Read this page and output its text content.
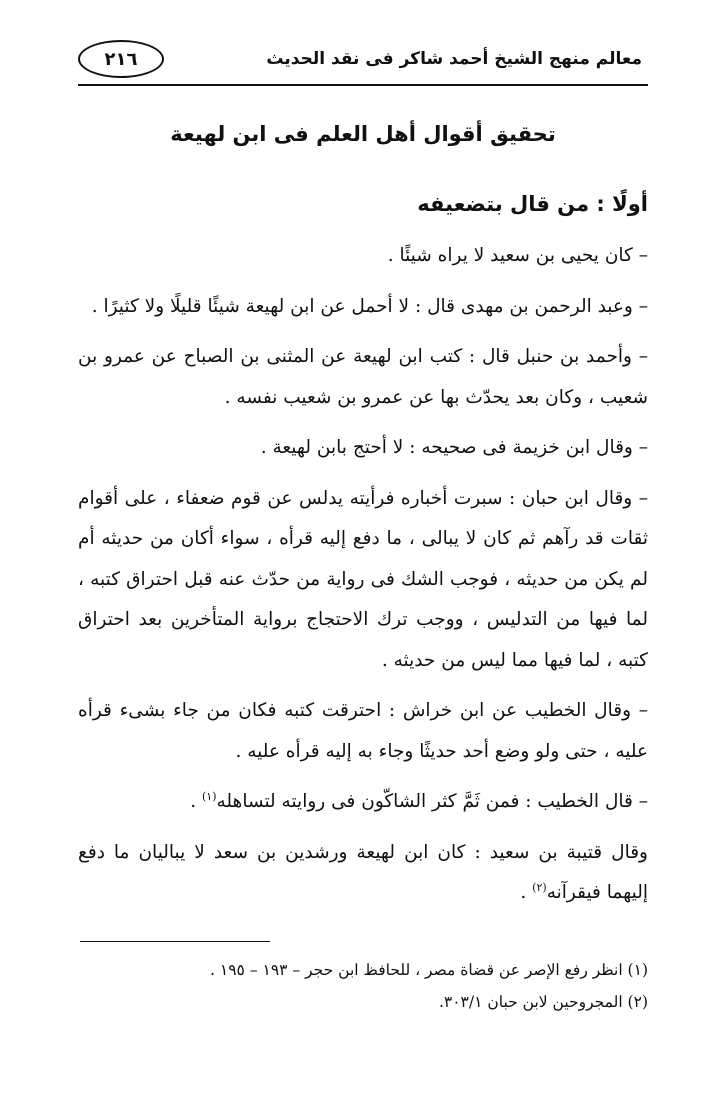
معالم منهج الشيخ أحمد شاكر فى نقد الحديث
٢١٦
تحقيق أقوال أهل العلم فى ابن لهيعة
أولًا : من قال بتضعيفه

– كان يحيى بن سعيد لا يراه شيئًا .

– وعبد الرحمن بن مهدى قال : لا أحمل عن ابن لهيعة شيئًا قليلًا ولا كثيرًا .

– وأحمد بن حنبل قال : كتب ابن لهيعة عن المثنى بن الصباح عن عمرو بن شعيب ، وكان بعد يحدّث بها عن عمرو بن شعيب نفسه .

– وقال ابن خزيمة فى صحيحه : لا أحتج بابن لهيعة .

– وقال ابن حبان : سبرت أخباره فرأيته يدلس عن قوم ضعفاء ، على أقوام ثقات قد رآهم ثم كان لا يبالى ، ما دفع إليه قرأه ، سواء أكان من حديثه أم لم يكن من حديثه ، فوجب الشك فى رواية من حدّث عنه قبل احتراق كتبه ، لما فيها من التدليس ، ووجب ترك الاحتجاج برواية المتأخرين بعد احتراق كتبه ، لما فيها مما ليس من حديثه .

– وقال الخطيب عن ابن خراش : احترقت كتبه فكان من جاء بشىء قرأه عليه ، حتى ولو وضع أحد حديثًا وجاء به إليه قرأه عليه .

– قال الخطيب : فمن ثَمَّ كثر الشاكّون فى روايته لتساهله$^{(١)}$ .

وقال قتيبة بن سعيد : كان ابن لهيعة ورشدين بن سعد لا يباليان ما دفع إليهما فيقرآنه$^{(٢)}$ .

(١) انظر رفع الإصر عن قضاة مصر ، للحافظ ابن حجر – ١٩٣ – ١٩٥ .

(٢) المجروحين لابن حبان ٣٠٣/١.
